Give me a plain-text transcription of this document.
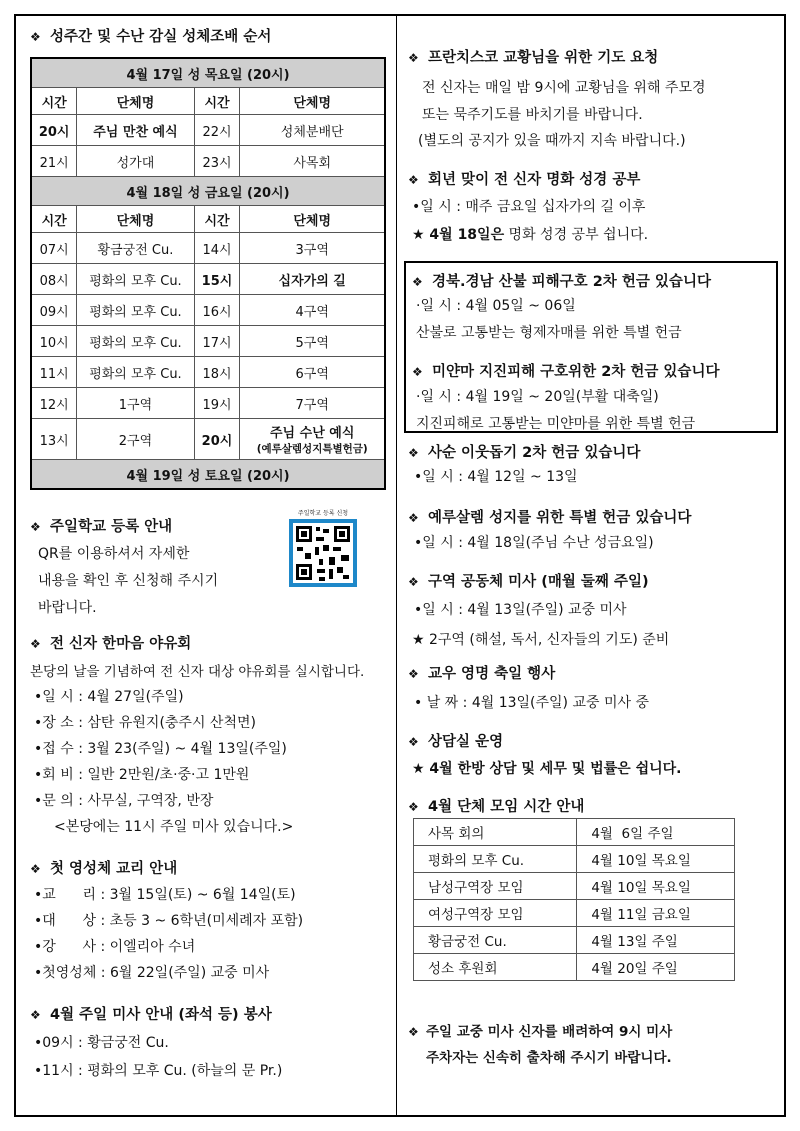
❖ 성주간 및 수난 감실 성체조배 순서
4월 17일 성 목요일 (20시)			
시간	단체명	시간	단체명
20시	주님 만찬 예식	22시	성체분배단
21시	성가대	23시	사목회
4월 18일 성 금요일 (20시)			
시간	단체명	시간	단체명
07시	황금궁전 Cu.	14시	3구역
08시	평화의 모후 Cu.	15시	십자가의 길
09시	평화의 모후 Cu.	16시	4구역
10시	평화의 모후 Cu.	17시	5구역
11시	평화의 모후 Cu.	18시	6구역
12시	1구역	19시	7구역
13시	2구역	20시	주님 수난 예식
(예루살렘성지특별헌금)

4월 19일 성 토요일 (20시)			
❖ 주일학교 등록 안내
QR를 이용하셔서 자세한
내용을 확인 후 신청해 주시기
바랍니다.
주일학교 등록 신청
❖ 전 신자 한마음 야유회
본당의 날을 기념하여 전 신자 대상 야유회를 실시합니다.
•일 시 : 4월 27일(주일)
•장 소 : 삼탄 유원지(충주시 산척면)
•접 수 : 3월 23(주일) ~ 4월 13일(주일)
•회 비 : 일반 2만원/초·중·고 1만원
•문 의 : 사무실, 구역장, 반장
<본당에는 11시 주일 미사 있습니다.>
❖ 첫 영성체 교리 안내
•교      리 : 3월 15일(토) ~ 6월 14일(토)
•대      상 : 초등 3 ~ 6학년(미세례자 포함)
•강      사 : 이엘리아 수녀
•첫영성체 : 6월 22일(주일) 교중 미사
❖ 4월 주일 미사 안내 (좌석 등) 봉사
•09시 : 황금궁전 Cu.
•11시 : 평화의 모후 Cu. (하늘의 문 Pr.)
❖ 프란치스코 교황님을 위한 기도 요청
전 신자는 매일 밤 9시에 교황님을 위해 주모경
또는 묵주기도를 바치기를 바랍니다.
(별도의 공지가 있을 때까지 지속 바랍니다.)
❖ 회년 맞이 전 신자 명화 성경 공부
•일 시 : 매주 금요일 십자가의 길 이후
★ 4월 18일은 명화 성경 공부 쉽니다.
❖ 경북.경남 산불 피해구호 2차 헌금 있습니다
·일 시 : 4월 05일 ~ 06일
산불로 고통받는 형제자매를 위한 특별 헌금
❖ 미얀마 지진피해 구호위한 2차 헌금 있습니다
·일 시 : 4월 19일 ~ 20일(부활 대축일)
지진피해로 고통받는 미얀마를 위한 특별 헌금
❖ 사순 이웃돕기 2차 헌금 있습니다
•일 시 : 4월 12일 ~ 13일
❖ 예루살렘 성지를 위한 특별 헌금 있습니다
•일 시 : 4월 18일(주님 수난 성금요일)
❖ 구역 공동체 미사 (매월 둘째 주일)
•일 시 : 4월 13일(주일) 교중 미사
★ 2구역 (해설, 독서, 신자들의 기도) 준비
❖ 교우 영명 축일 행사
• 날 짜 : 4월 13일(주일) 교중 미사 중
❖ 상담실 운영
★ 4월 한방 상담 및 세무 및 법률은 쉽니다.
❖ 4월 단체 모임 시간 안내
사목 회의	4월  6일 주일
평화의 모후 Cu.	4월 10일 목요일
남성구역장 모임	4월 10일 목요일
여성구역장 모임	4월 11일 금요일
황금궁전 Cu.	4월 13일 주일
성소 후원회	4월 20일 주일
❖ 주일 교중 미사 신자를 배려하여 9시 미사
주차자는 신속히 출차해 주시기 바랍니다.
